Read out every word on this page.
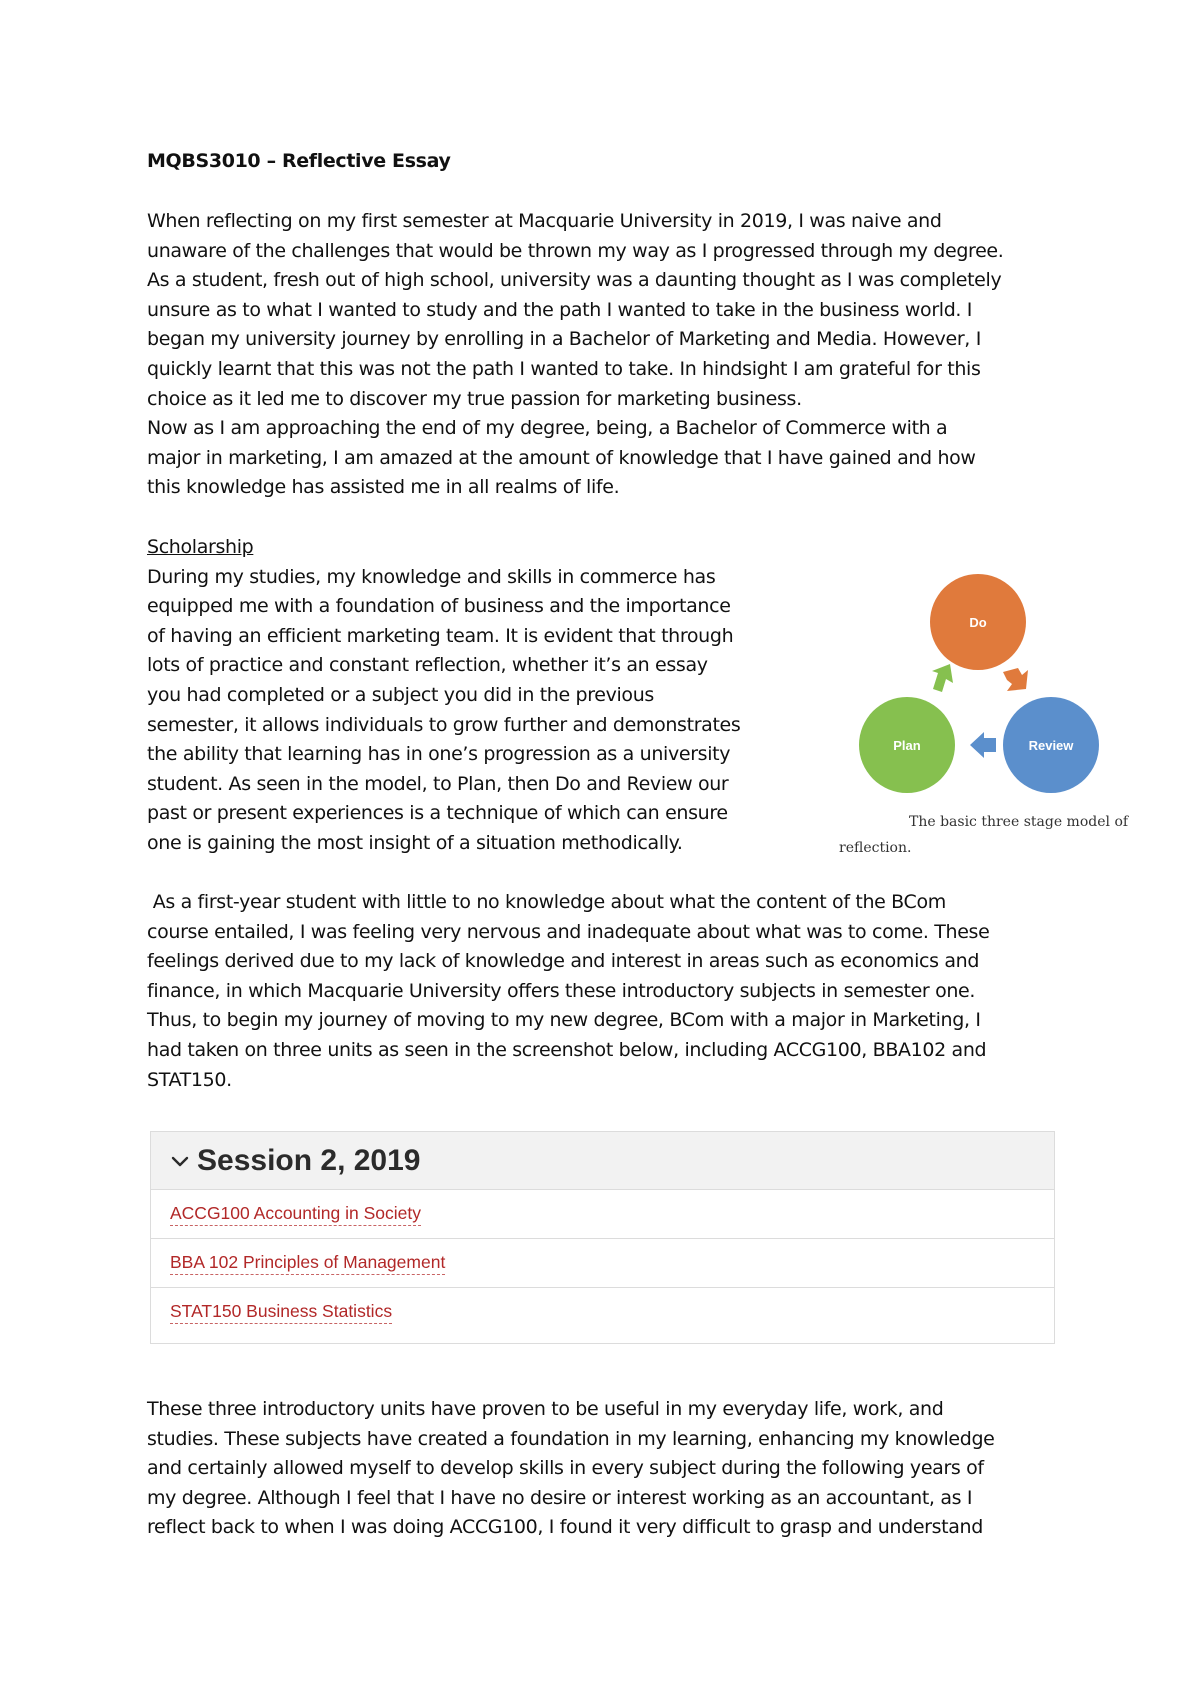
MQBS3010 – Reflective Essay
When reflecting on my first semester at Macquarie University in 2019, I was naive and
unaware of the challenges that would be thrown my way as I progressed through my degree.
As a student, fresh out of high school, university was a daunting thought as I was completely
unsure as to what I wanted to study and the path I wanted to take in the business world. I
began my university journey by enrolling in a Bachelor of Marketing and Media. However, I
quickly learnt that this was not the path I wanted to take. In hindsight I am grateful for this
choice as it led me to discover my true passion for marketing business.
Now as I am approaching the end of my degree, being, a Bachelor of Commerce with a
major in marketing, I am amazed at the amount of knowledge that I have gained and how
this knowledge has assisted me in all realms of life.
Scholarship
During my studies, my knowledge and skills in commerce has
equipped me with a foundation of business and the importance
of having an efficient marketing team. It is evident that through
lots of practice and constant reflection, whether it’s an essay
you had completed or a subject you did in the previous
semester, it allows individuals to grow further and demonstrates
the ability that learning has in one’s progression as a university
student. As seen in the model, to Plan, then Do and Review our
past or present experiences is a technique of which can ensure
one is gaining the most insight of a situation methodically.
Do
Review
Plan
The basic three stage model of
reflection.
As a first-year student with little to no knowledge about what the content of the BCom
course entailed, I was feeling very nervous and inadequate about what was to come. These
feelings derived due to my lack of knowledge and interest in areas such as economics and
finance, in which Macquarie University offers these introductory subjects in semester one.
Thus, to begin my journey of moving to my new degree, BCom with a major in Marketing, I
had taken on three units as seen in the screenshot below, including ACCG100, BBA102 and
STAT150.
Session 2, 2019
ACCG100 Accounting in Society
BBA 102 Principles of Management
STAT150 Business Statistics
These three introductory units have proven to be useful in my everyday life, work, and
studies. These subjects have created a foundation in my learning, enhancing my knowledge
and certainly allowed myself to develop skills in every subject during the following years of
my degree. Although I feel that I have no desire or interest working as an accountant, as I
reflect back to when I was doing ACCG100, I found it very difficult to grasp and understand
